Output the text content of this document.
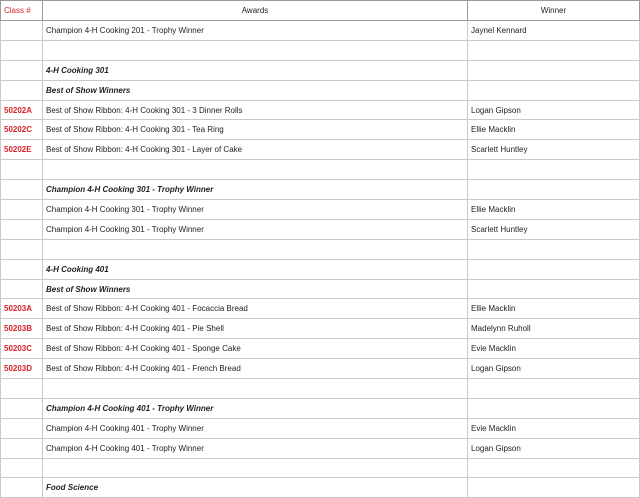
Class #	Awards	Winner
	Champion 4-H Cooking 201 - Trophy Winner	Jaynel Kennard

	4-H Cooking 301	
	Best of Show Winners	
50202A	Best of Show Ribbon: 4-H Cooking 301 - 3 Dinner Rolls	Logan Gipson
50202C	Best of Show Ribbon: 4-H Cooking 301 - Tea Ring	Ellie Macklin
50202E	Best of Show Ribbon: 4-H Cooking 301 - Layer of Cake	Scarlett Huntley

	Champion 4-H Cooking 301 - Trophy Winner	
	Champion 4-H Cooking 301 - Trophy Winner	Ellie Macklin
	Champion 4-H Cooking 301 - Trophy Winner	Scarlett Huntley

	4-H Cooking 401	
	Best of Show Winners	
50203A	Best of Show Ribbon: 4-H Cooking 401 - Focaccia Bread	Ellie Macklin
50203B	Best of Show Ribbon: 4-H Cooking 401 - Pie Shell	Madelynn Ruholl
50203C	Best of Show Ribbon: 4-H Cooking 401 - Sponge Cake	Evie Macklin
50203D	Best of Show Ribbon: 4-H Cooking 401 - French Bread	Logan Gipson

	Champion 4-H Cooking 401 - Trophy Winner	
	Champion 4-H Cooking 401 - Trophy Winner	Evie Macklin
	Champion 4-H Cooking 401 - Trophy Winner	Logan Gipson

	Food Science	
